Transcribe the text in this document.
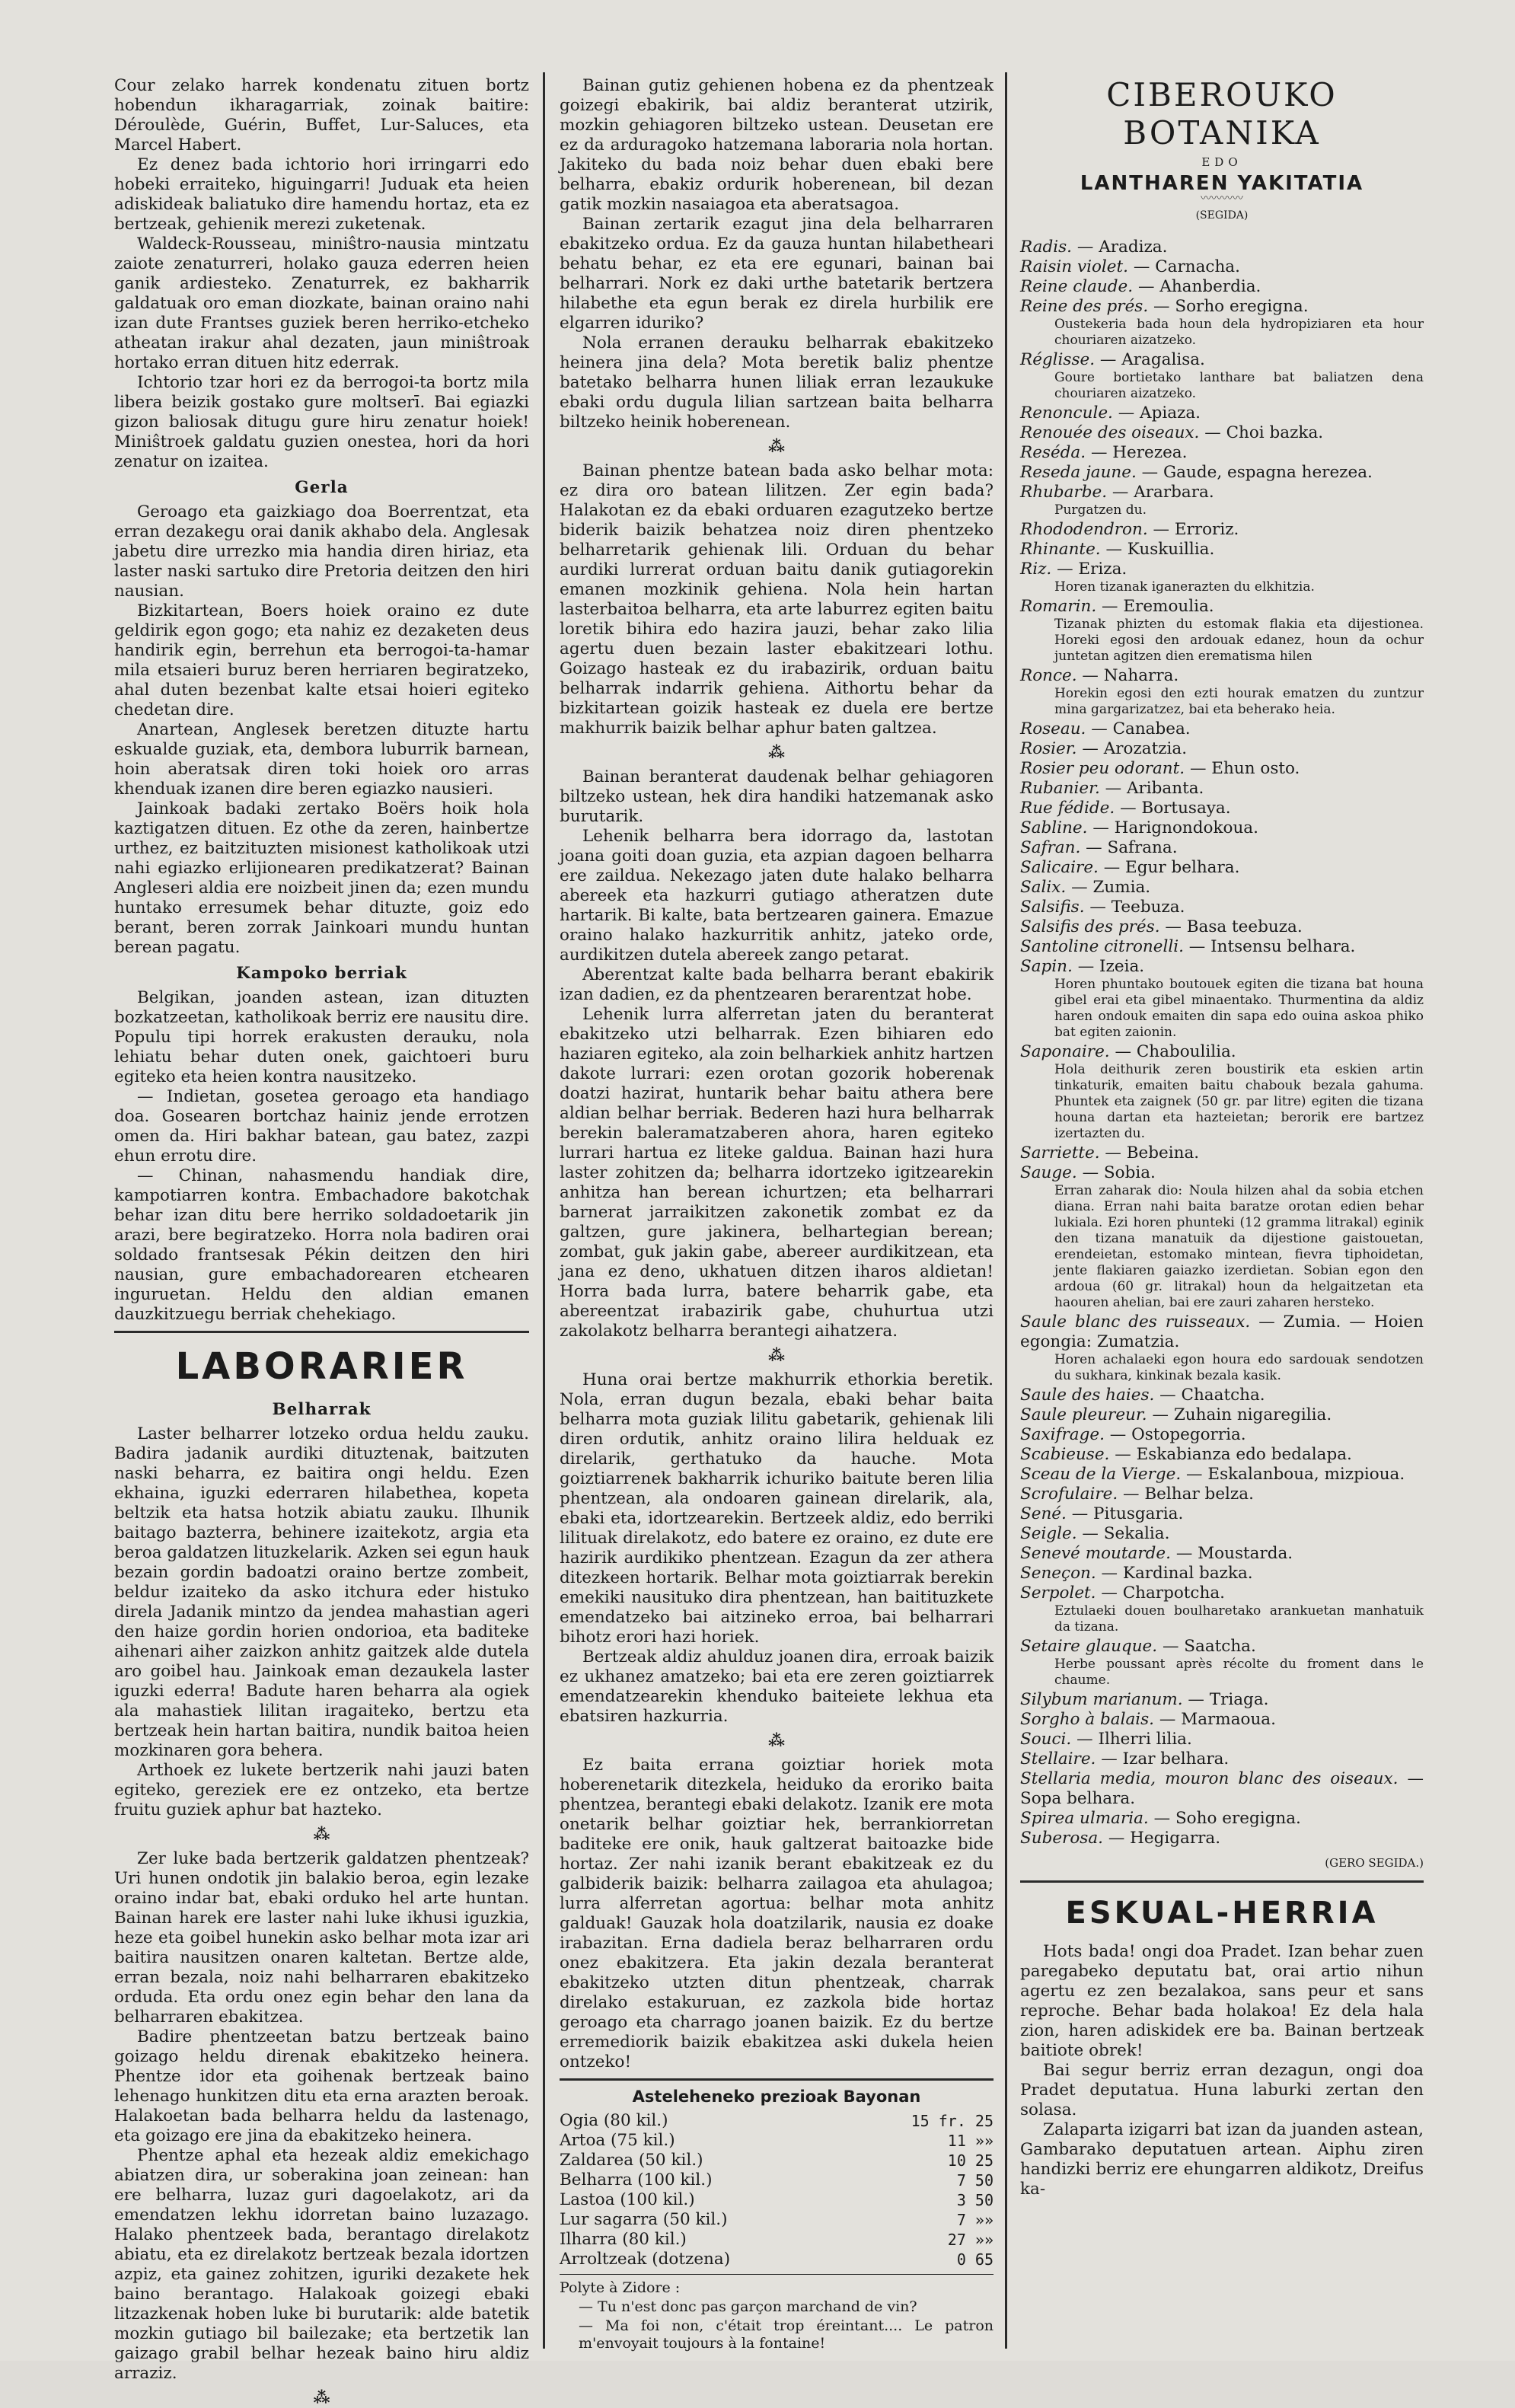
Cour zelako harrek kondenatu zituen bortz hobendun ikharagarriak, zoinak baitire: Déroulède, Guérin, Buffet, Lur-Saluces, eta Marcel Habert.

Ez denez bada ichtorio hori irringarri edo hobeki erraiteko, higuingarri! Juduak eta heien adiskideak baliatuko dire hamendu hortaz, eta ez bertzeak, gehienik merezi zuketenak.

Waldeck-Rousseau, miniŝtro-nausia mintzatu zaiote zenaturreri, holako gauza ederren heien ganik ardiesteko. Zenaturrek, ez bakharrik galdatuak oro eman diozkate, bainan oraino nahi izan dute Frantses guziek beren herriko-etcheko atheatan irakur ahal dezaten, jaun miniŝtroak hortako erran dituen hitz ederrak.

Ichtorio tzar hori ez da berrogoi-ta bortz mila libera beizik gostako gure moltserī. Bai egiazki gizon baliosak ditugu gure hiru zenatur hoiek! Miniŝtroek galdatu guzien onestea, hori da hori zenatur on izaitea.

Gerla

Geroago eta gaizkiago doa Boerrentzat, eta erran dezakegu orai danik akhabo dela. Anglesak jabetu dire urrezko mia handia diren hiriaz, eta laster naski sartuko dire Pretoria deitzen den hiri nausian.

Bizkitartean, Boers hoiek oraino ez dute geldirik egon gogo; eta nahiz ez dezaketen deus handirik egin, berrehun eta berrogoi-ta-hamar mila etsaieri buruz beren herriaren begiratzeko, ahal duten bezenbat kalte etsai hoieri egiteko chedetan dire.

Anartean, Anglesek beretzen dituzte hartu eskualde guziak, eta, dembora luburrik barnean, hoin aberatsak diren toki hoiek oro arras khenduak izanen dire beren egiazko nausieri.

Jainkoak badaki zertako Boërs hoik hola kaztigatzen dituen. Ez othe da zeren, hainbertze urthez, ez baitzituzten misionest katholikoak utzi nahi egiazko erlijionearen predikatzerat? Bainan Angleseri aldia ere noizbeit jinen da; ezen mundu huntako erresumek behar dituzte, goiz edo berant, beren zorrak Jainkoari mundu huntan berean pagatu.

Kampoko berriak

Belgikan, joanden astean, izan dituzten bozkatzeetan, katholikoak berriz ere nausitu dire. Populu tipi horrek erakusten derauku, nola lehiatu behar duten onek, gaichtoeri buru egiteko eta heien kontra nausitzeko.

— Indietan, gosetea geroago eta handiago doa. Gosearen bortchaz hainiz jende errotzen omen da. Hiri bakhar batean, gau batez, zazpi ehun errotu dire.

— Chinan, nahasmendu handiak dire, kampotiarren kontra. Embachadore bakotchak behar izan ditu bere herriko soldadoetarik jin arazi, bere begiratzeko. Horra nola badiren orai soldado frantsesak Pékin deitzen den hiri nausian, gure embachadorearen etchearen inguruetan. Heldu den aldian emanen dauzkitzuegu berriak chehekiago.

LABORARIER

Belharrak

Laster belharrer lotzeko ordua heldu zauku. Badira jadanik aurdiki dituztenak, baitzuten naski beharra, ez baitira ongi heldu. Ezen ekhaina, iguzki ederraren hilabethea, kopeta beltzik eta hatsa hotzik abiatu zauku. Ilhunik baitago bazterra, behinere izaitekotz, argia eta beroa galdatzen lituzkelarik. Azken sei egun hauk bezain gordin badoatzi oraino bertze zombeit, beldur izaiteko da asko itchura eder histuko direla Jadanik mintzo da jendea mahastian ageri den haize gordin horien ondorioa, eta baditeke aihenari aiher zaizkon anhitz gaitzek alde dutela aro goibel hau. Jainkoak eman dezaukela laster iguzki ederra! Badute haren beharra ala ogiek ala mahastiek lilitan iragaiteko, bertzu eta bertzeak hein hartan baitira, nundik baitoa heien mozkinaren gora behera.

Arthoek ez lukete bertzerik nahi jauzi baten egiteko, gereziek ere ez ontzeko, eta bertze fruitu guziek aphur bat hazteko.

⁂

Zer luke bada bertzerik galdatzen phentzeak? Uri hunen ondotik jin balakio beroa, egin lezake oraino indar bat, ebaki orduko hel arte huntan. Bainan harek ere laster nahi luke ikhusi iguzkia, heze eta goibel hunekin asko belhar mota izar ari baitira nausitzen onaren kaltetan. Bertze alde, erran bezala, noiz nahi belharraren ebakitzeko orduda. Eta ordu onez egin behar den lana da belharraren ebakitzea.

Badire phentzeetan batzu bertzeak baino goizago heldu direnak ebakitzeko heinera. Phentze idor eta goihenak bertzeak baino lehenago hunkitzen ditu eta erna arazten beroak. Halakoetan bada belharra heldu da lastenago, eta goizago ere jina da ebakitzeko heinera.

Phentze aphal eta hezeak aldiz emekichago abiatzen dira, ur soberakina joan zeinean: han ere belharra, luzaz guri dagoelakotz, ari da emendatzen lekhu idorretan baino luzazago. Halako phentzeek bada, berantago direlakotz abiatu, eta ez direlakotz bertzeak bezala idortzen azpiz, eta gainez zohitzen, iguriki dezakete hek baino berantago. Halakoak goizegi ebaki litzazkenak hoben luke bi burutarik: alde batetik mozkin gutiago bil bailezake; eta bertzetik lan gaizago grabil belhar hezeak baino hiru aldiz arraziz.

⁂

Bainan gutiz gehienen hobena ez da phentzeak goizegi ebakirik, bai aldiz beranterat utzirik, mozkin gehiagoren biltzeko ustean. Deusetan ere ez da arduragoko hatzemana laboraria nola hortan. Jakiteko du bada noiz behar duen ebaki bere belharra, ebakiz ordurik hoberenean, bil dezan gatik mozkin nasaiagoa eta aberatsagoa.

Bainan zertarik ezagut jina dela belharraren ebakitzeko ordua. Ez da gauza huntan hilabetheari behatu behar, ez eta ere egunari, bainan bai belharrari. Nork ez daki urthe batetarik bertzera hilabethe eta egun berak ez direla hurbilik ere elgarren iduriko?

Nola erranen derauku belharrak ebakitzeko heinera jina dela? Mota beretik baliz phentze batetako belharra hunen liliak erran lezaukuke ebaki ordu dugula lilian sartzean baita belharra biltzeko heinik hoberenean.

⁂

Bainan phentze batean bada asko belhar mota: ez dira oro batean lilitzen. Zer egin bada? Halakotan ez da ebaki orduaren ezagutzeko bertze biderik baizik behatzea noiz diren phentzeko belharretarik gehienak lili. Orduan du behar aurdiki lurrerat orduan baitu danik gutiagorekin emanen mozkinik gehiena. Nola hein hartan lasterbaitoa belharra, eta arte laburrez egiten baitu loretik bihira edo hazira jauzi, behar zako lilia agertu duen bezain laster ebakitzeari lothu. Goizago hasteak ez du irabazirik, orduan baitu belharrak indarrik gehiena. Aithortu behar da bizkitartean goizik hasteak ez duela ere bertze makhurrik baizik belhar aphur baten galtzea.

⁂

Bainan beranterat daudenak belhar gehiagoren biltzeko ustean, hek dira handiki hatzemanak asko burutarik.

Lehenik belharra bera idorrago da, lastotan joana goiti doan guzia, eta azpian dagoen belharra ere zaildua. Nekezago jaten dute halako belharra abereek eta hazkurri gutiago atheratzen dute hartarik. Bi kalte, bata bertzearen gainera. Emazue oraino halako hazkurritik anhitz, jateko orde, aurdikitzen dutela abereek zango petarat.

Aberentzat kalte bada belharra berant ebakirik izan dadien, ez da phentzearen berarentzat hobe.

Lehenik lurra alferretan jaten du beranterat ebakitzeko utzi belharrak. Ezen bihiaren edo haziaren egiteko, ala zoin belharkiek anhitz hartzen dakote lurrari: ezen orotan gozorik hoberenak doatzi hazirat, huntarik behar baitu athera bere aldian belhar berriak. Bederen hazi hura belharrak berekin baleramatzaberen ahora, haren egiteko lurrari hartua ez liteke galdua. Bainan hazi hura laster zohitzen da; belharra idortzeko igitzearekin anhitza han berean ichurtzen; eta belharrari barnerat jarraikitzen zakonetik zombat ez da galtzen, gure jakinera, belhartegian berean; zombat, guk jakin gabe, abereer aurdikitzean, eta jana ez deno, ukhatuen ditzen iharos aldietan! Horra bada lurra, batere beharrik gabe, eta abereentzat irabazirik gabe, chuhurtua utzi zakolakotz belharra berantegi aihatzera.

⁂

Huna orai bertze makhurrik ethorkia beretik. Nola, erran dugun bezala, ebaki behar baita belharra mota guziak lilitu gabetarik, gehienak lili diren ordutik, anhitz oraino lilira helduak ez direlarik, gerthatuko da hauche. Mota goiztiarrenek bakharrik ichuriko baitute beren lilia phentzean, ala ondoaren gainean direlarik, ala, ebaki eta, idortzearekin. Bertzeek aldiz, edo berriki lilituak direlakotz, edo batere ez oraino, ez dute ere hazirik aurdikiko phentzean. Ezagun da zer athera ditezkeen hortarik. Belhar mota goiztiarrak berekin emekiki nausituko dira phentzean, han baitituzkete emendatzeko bai aitzineko erroa, bai belharrari bihotz erori hazi horiek.

Bertzeak aldiz ahulduz joanen dira, erroak baizik ez ukhanez amatzeko; bai eta ere zeren goiztiarrek emendatzearekin khenduko baiteiete lekhua eta ebatsiren hazkurria.

⁂

Ez baita errana goiztiar horiek mota hoberenetarik ditezkela, heiduko da eroriko baita phentzea, berantegi ebaki delakotz. Izanik ere mota onetarik belhar goiztiar hek, berrankiorretan baditeke ere onik, hauk galtzerat baitoazke bide hortaz. Zer nahi izanik berant ebakitzeak ez du galbiderik baizik: belharra zailagoa eta ahulagoa; lurra alferretan agortua: belhar mota anhitz galduak! Gauzak hola doatzilarik, nausia ez doake irabazitan. Erna dadiela beraz belharraren ordu onez ebakitzera. Eta jakin dezala beranterat ebakitzeko utzten ditun phentzeak, charrak direlako estakuruan, ez zazkola bide hortaz geroago eta charrago joanen baizik. Ez du bertze erremediorik baizik ebakitzea aski dukela heien ontzeko!

Asteleheneko prezioak Bayonan

Ogia (80 kil.)	15 fr. 25
Artoa (75 kil.)	11 »»
Zaldarea (50 kil.)	10 25
Belharra (100 kil.)	7 50
Lastoa (100 kil.)	3 50
Lur sagarra (50 kil.)	7 »»
Ilharra (80 kil.)	27 »»
Arroltzeak (dotzena)	0 65

Polyte à Zidore :

— Tu n'est donc pas garçon marchand de vin?

— Ma foi non, c'était trop éreintant.... Le patron m'envoyait toujours à la fontaine!

CIBEROUKO BOTANIKA

EDO

LANTHAREN YAKITATIA

〰〰〰〰

(SEGIDA)

Radis. — Aradiza.

Raisin violet. — Carnacha.

Reine claude. — Ahanberdia.

Reine des prés. — Sorho eregigna.

Oustekeria bada houn dela hydropiziaren eta hour chouriaren aizatzeko.

Réglisse. — Aragalisa.

Goure bortietako lanthare bat baliatzen dena chouriaren aizatzeko.

Renoncule. — Apiaza.

Renouée des oiseaux. — Choi bazka.

Reséda. — Herezea.

Reseda jaune. — Gaude, espagna herezea.

Rhubarbe. — Ararbara.

Purgatzen du.

Rhododendron. — Erroriz.

Rhinante. — Kuskuillia.

Riz. — Eriza.

Horen tizanak iganerazten du elkhitzia.

Romarin. — Eremoulia.

Tizanak phizten du estomak flakia eta dijestionea. Horeki egosi den ardouak edanez, houn da ochur juntetan agitzen dien erematisma hilen

Ronce. — Naharra.

Horekin egosi den ezti hourak ematzen du zuntzur mina gargarizatzez, bai eta beherako heia.

Roseau. — Canabea.

Rosier. — Arozatzia.

Rosier peu odorant. — Ehun osto.

Rubanier. — Aribanta.

Rue fédide. — Bortusaya.

Sabline. — Harignondokoua.

Safran. — Safrana.

Salicaire. — Egur belhara.

Salix. — Zumia.

Salsifis. — Teebuza.

Salsifis des prés. — Basa teebuza.

Santoline citronelli. — Intsensu belhara.

Sapin. — Izeia.

Horen phuntako boutouek egiten die tizana bat houna gibel erai eta gibel minaentako. Thurmentina da aldiz haren ondouk emaiten din sapa edo ouina askoa phiko bat egiten zaionin.

Saponaire. — Chaboulilia.

Hola deithurik zeren boustirik eta eskien artin tinkaturik, emaiten baitu chabouk bezala gahuma. Phuntek eta zaignek (50 gr. par litre) egiten die tizana houna dartan eta hazteietan; berorik ere bartzez izertazten du.

Sarriette. — Bebeina.

Sauge. — Sobia.

Erran zaharak dio: Noula hilzen ahal da sobia etchen diana. Erran nahi baita baratze orotan edien behar lukiala. Ezi horen phunteki (12 gramma litrakal) eginik den tizana manatuik da dijestione gaistouetan, erendeietan, estomako mintean, fievra tiphoidetan, jente flakiaren gaiazko izerdietan. Sobian egon den ardoua (60 gr. litrakal) houn da helgaitzetan eta haouren ahelian, bai ere zauri zaharen hersteko.

Saule blanc des ruisseaux. — Zumia. — Hoien egongia: Zumatzia.

Horen achalaeki egon houra edo sardouak sendotzen du sukhara, kinkinak bezala kasik.

Saule des haies. — Chaatcha.

Saule pleureur. — Zuhain nigaregilia.

Saxifrage. — Ostopegorria.

Scabieuse. — Eskabianza edo bedalapa.

Sceau de la Vierge. — Eskalanboua, mizpioua.

Scrofulaire. — Belhar belza.

Sené. — Pitusgaria.

Seigle. — Sekalia.

Senevé moutarde. — Moustarda.

Seneçon. — Kardinal bazka.

Serpolet. — Charpotcha.

Eztulaeki douen boulharetako arankuetan manhatuik da tizana.

Setaire glauque. — Saatcha.

Herbe poussant après récolte du froment dans le chaume.

Silybum marianum. — Triaga.

Sorgho à balais. — Marmaoua.

Souci. — Ilherri lilia.

Stellaire. — Izar belhara.

Stellaria media, mouron blanc des oiseaux. — Sopa belhara.

Spirea ulmaria. — Soho eregigna.

Suberosa. — Hegigarra.

(GERO SEGIDA.)

ESKUAL-HERRIA

Hots bada! ongi doa Pradet. Izan behar zuen paregabeko deputatu bat, orai artio nihun agertu ez zen bezalakoa, sans peur et sans reproche. Behar bada holakoa! Ez dela hala zion, haren adiskidek ere ba. Bainan bertzeak baitiote obrek!

Bai segur berriz erran dezagun, ongi doa Pradet deputatua. Huna laburki zertan den solasa.

Zalaparta izigarri bat izan da juanden astean, Gambarako deputatuen artean. Aiphu ziren handizki berriz ere ehungarren aldikotz, Dreifus ka-
